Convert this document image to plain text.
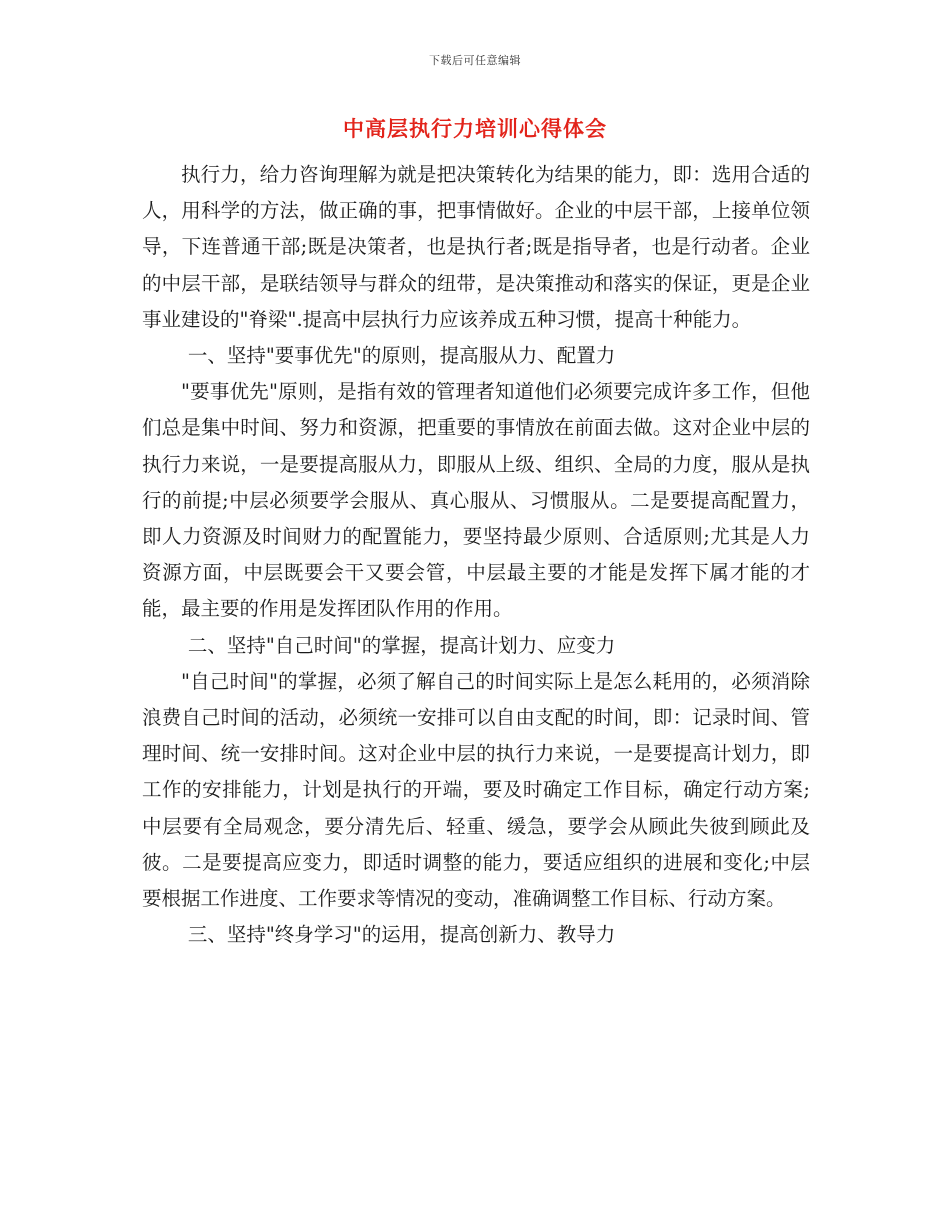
下载后可任意编辑
中高层执行力培训心得体会

执行力，给力咨询理解为就是把决策转化为结果的能力，即：选用合适的人，用科学的方法，做正确的事，把事情做好。企业的中层干部，上接单位领导，下连普通干部;既是决策者，也是执行者;既是指导者，也是行动者。企业的中层干部，是联结领导与群众的纽带，是决策推动和落实的保证，更是企业事业建设的"脊梁".提高中层执行力应该养成五种习惯，提高十种能力。

一、坚持"要事优先"的原则，提高服从力、配置力

"要事优先"原则，是指有效的管理者知道他们必须要完成许多工作，但他们总是集中时间、努力和资源，把重要的事情放在前面去做。这对企业中层的执行力来说，一是要提高服从力，即服从上级、组织、全局的力度，服从是执行的前提;中层必须要学会服从、真心服从、习惯服从。二是要提高配置力，即人力资源及时间财力的配置能力，要坚持最少原则、合适原则;尤其是人力资源方面，中层既要会干又要会管，中层最主要的才能是发挥下属才能的才能，最主要的作用是发挥团队作用的作用。

二、坚持"自己时间"的掌握，提高计划力、应变力

"自己时间"的掌握，必须了解自己的时间实际上是怎么耗用的，必须消除浪费自己时间的活动，必须统一安排可以自由支配的时间，即：记录时间、管理时间、统一安排时间。这对企业中层的执行力来说，一是要提高计划力，即工作的安排能力，计划是执行的开端，要及时确定工作目标，确定行动方案;中层要有全局观念，要分清先后、轻重、缓急，要学会从顾此失彼到顾此及彼。二是要提高应变力，即适时调整的能力，要适应组织的进展和变化;中层要根据工作进度、工作要求等情况的变动，准确调整工作目标、行动方案。

三、坚持"终身学习"的运用，提高创新力、教导力
